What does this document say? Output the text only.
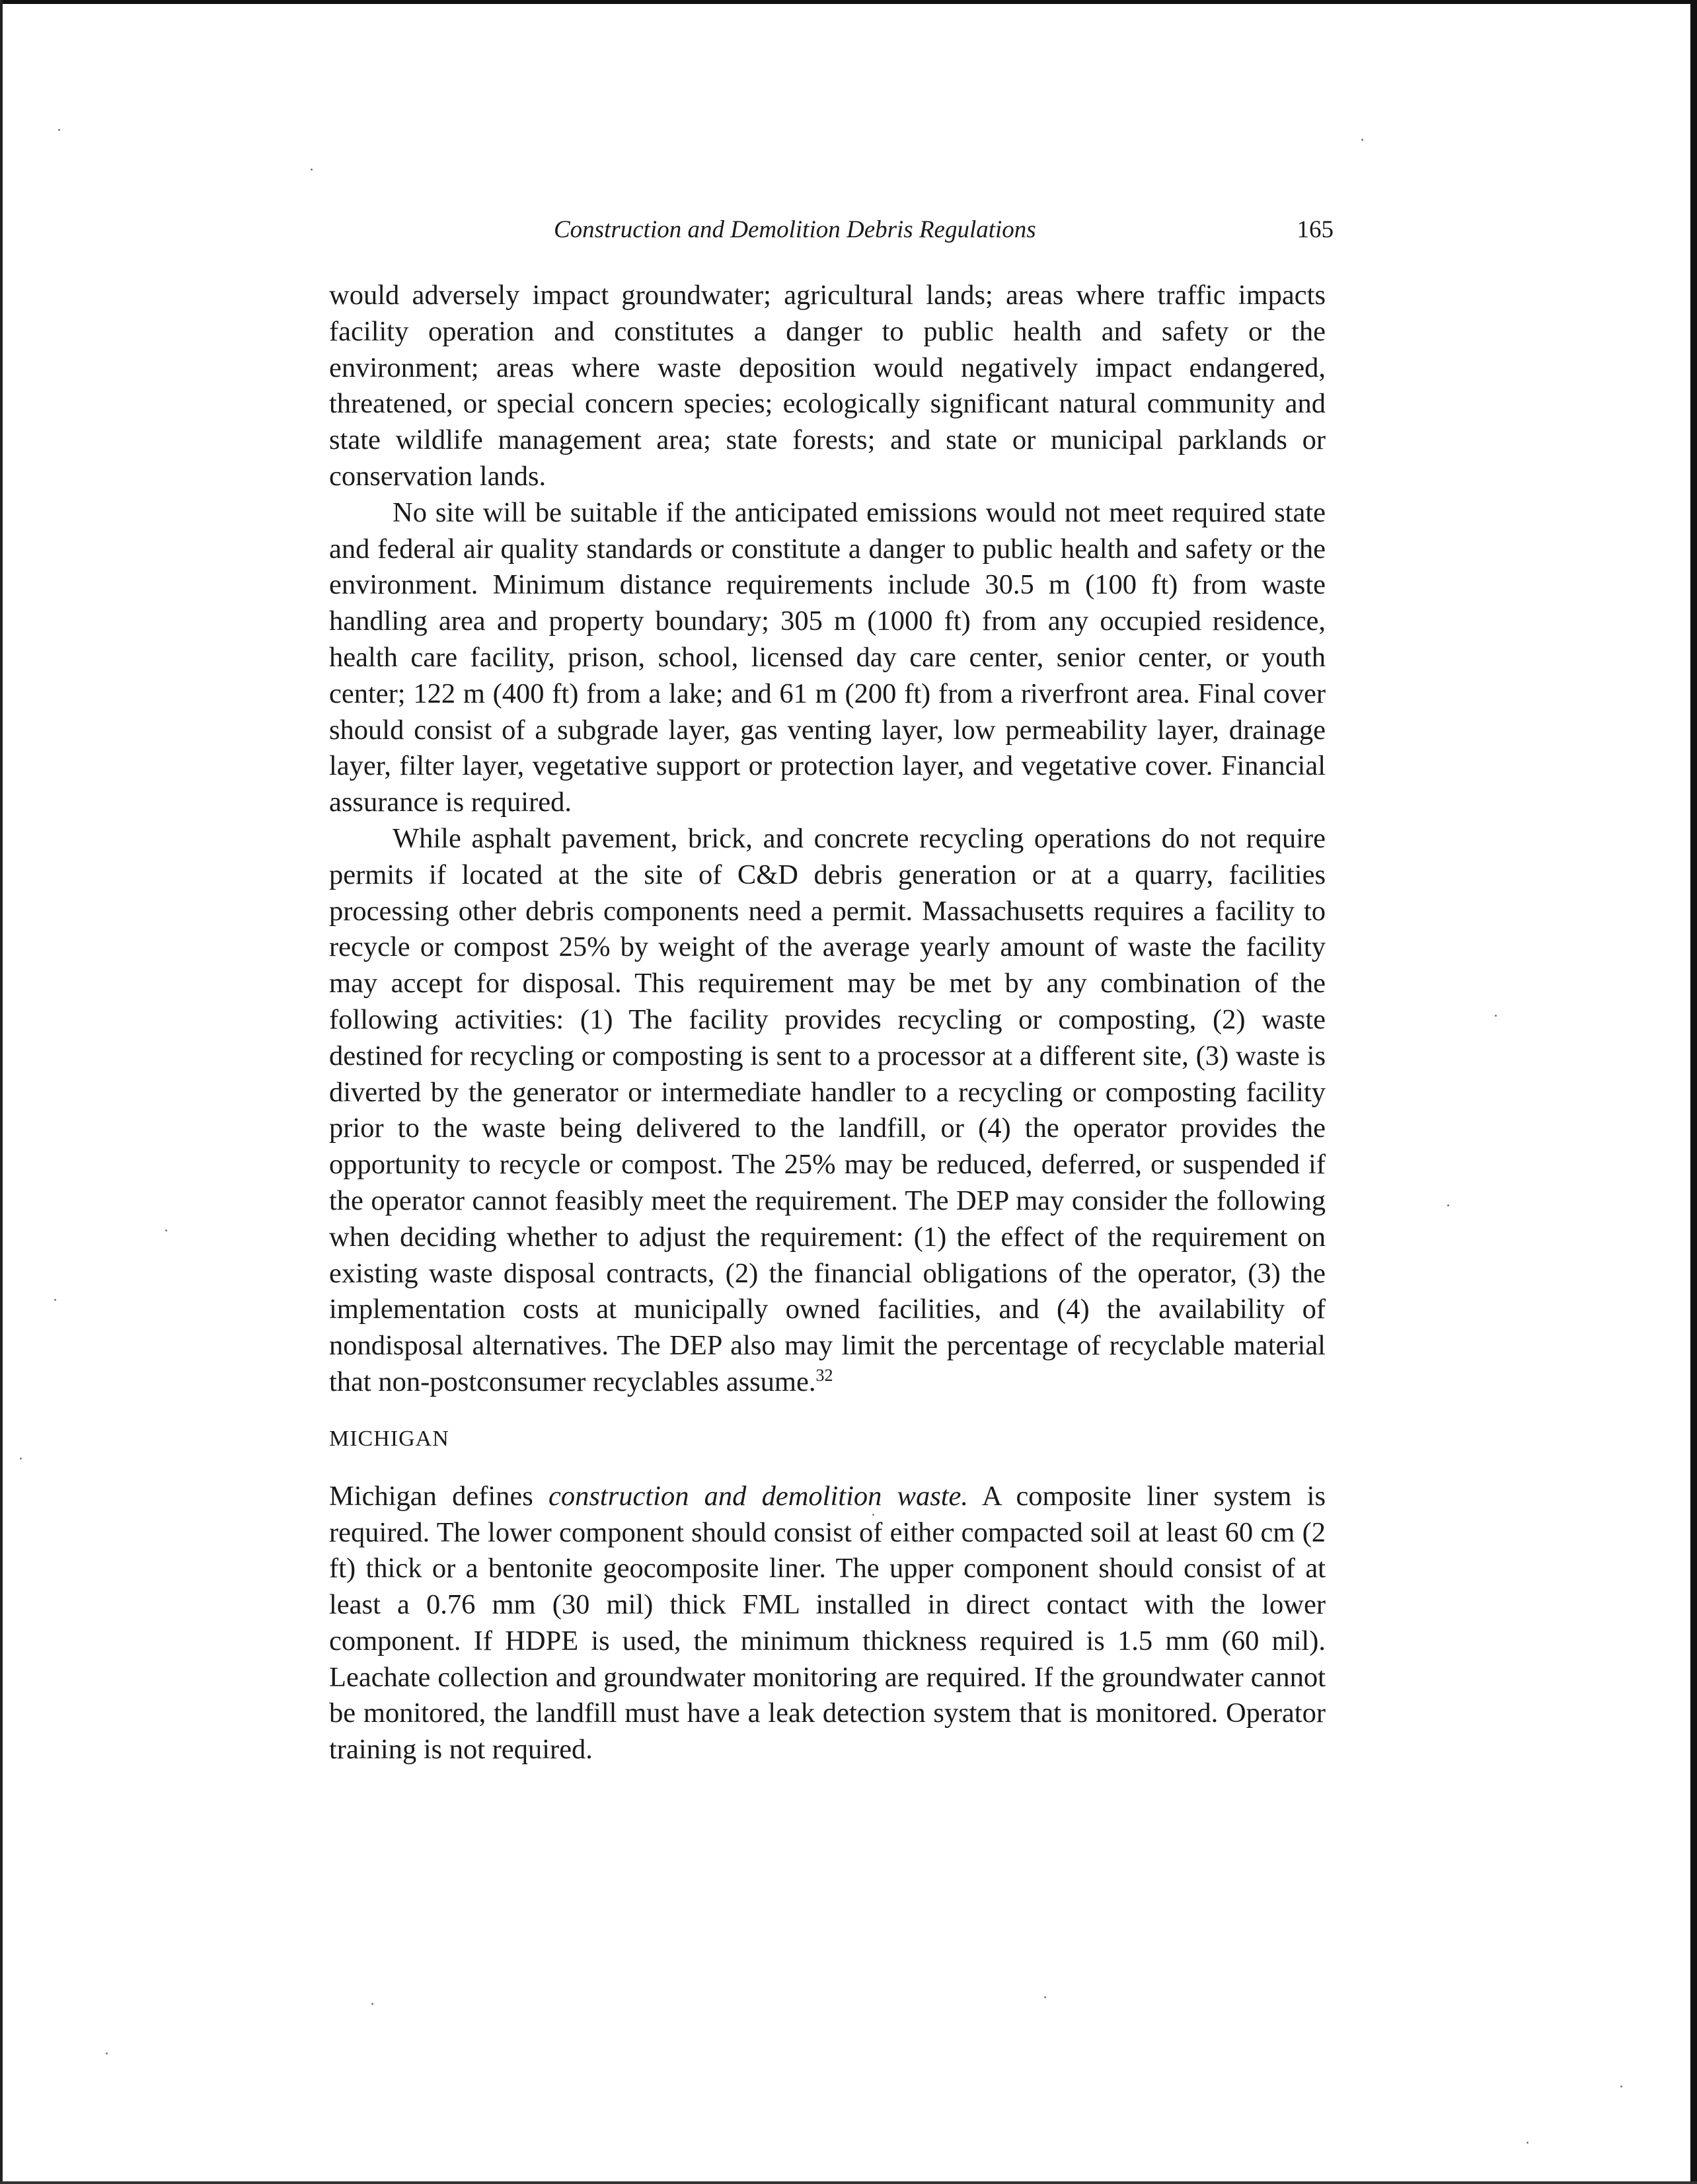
Construction and Demolition Debris Regulations	165

would adversely impact groundwater; agricultural lands; areas where traffic impacts facility operation and constitutes a danger to public health and safety or the environment; areas where waste deposition would negatively impact endangered, threatened, or special concern species; ecologically significant natural community and state wildlife management area; state forests; and state or municipal parklands or conservation lands.

No site will be suitable if the anticipated emissions would not meet required state and federal air quality standards or constitute a danger to public health and safety or the environment. Minimum distance requirements include 30.5 m (100 ft) from waste handling area and property boundary; 305 m (1000 ft) from any occupied residence, health care facility, prison, school, licensed day care center, senior center, or youth center; 122 m (400 ft) from a lake; and 61 m (200 ft) from a riverfront area. Final cover should consist of a subgrade layer, gas venting layer, low permeability layer, drainage layer, filter layer, vegetative support or protection layer, and vegetative cover. Financial assurance is required.

While asphalt pavement, brick, and concrete recycling operations do not require permits if located at the site of C&D debris generation or at a quarry, facilities processing other debris components need a permit. Massachusetts requires a facility to recycle or compost 25% by weight of the average yearly amount of waste the facility may accept for disposal. This requirement may be met by any combination of the following activities: (1) The facility provides recycling or composting, (2) waste destined for recycling or composting is sent to a processor at a different site, (3) waste is diverted by the generator or intermediate handler to a recycling or composting facility prior to the waste being delivered to the landfill, or (4) the operator provides the opportunity to recycle or compost. The 25% may be reduced, deferred, or suspended if the operator cannot feasibly meet the requirement. The DEP may consider the following when deciding whether to adjust the requirement: (1) the effect of the requirement on existing waste disposal contracts, (2) the financial obligations of the operator, (3) the implementation costs at municipally owned facilities, and (4) the availability of nondisposal alternatives. The DEP also may limit the percentage of recyclable material that non-postconsumer recyclables assume.$^{32}$

MICHIGAN

Michigan defines construction and demolition waste. A composite liner system is required. The lower component should consist of either compacted soil at least 60 cm (2 ft) thick or a bentonite geocomposite liner. The upper component should consist of at least a 0.76 mm (30 mil) thick FML installed in direct contact with the lower component. If HDPE is used, the minimum thickness required is 1.5 mm (60 mil). Leachate collection and groundwater monitoring are required. If the groundwater cannot be monitored, the landfill must have a leak detection system that is monitored. Operator training is not required.
